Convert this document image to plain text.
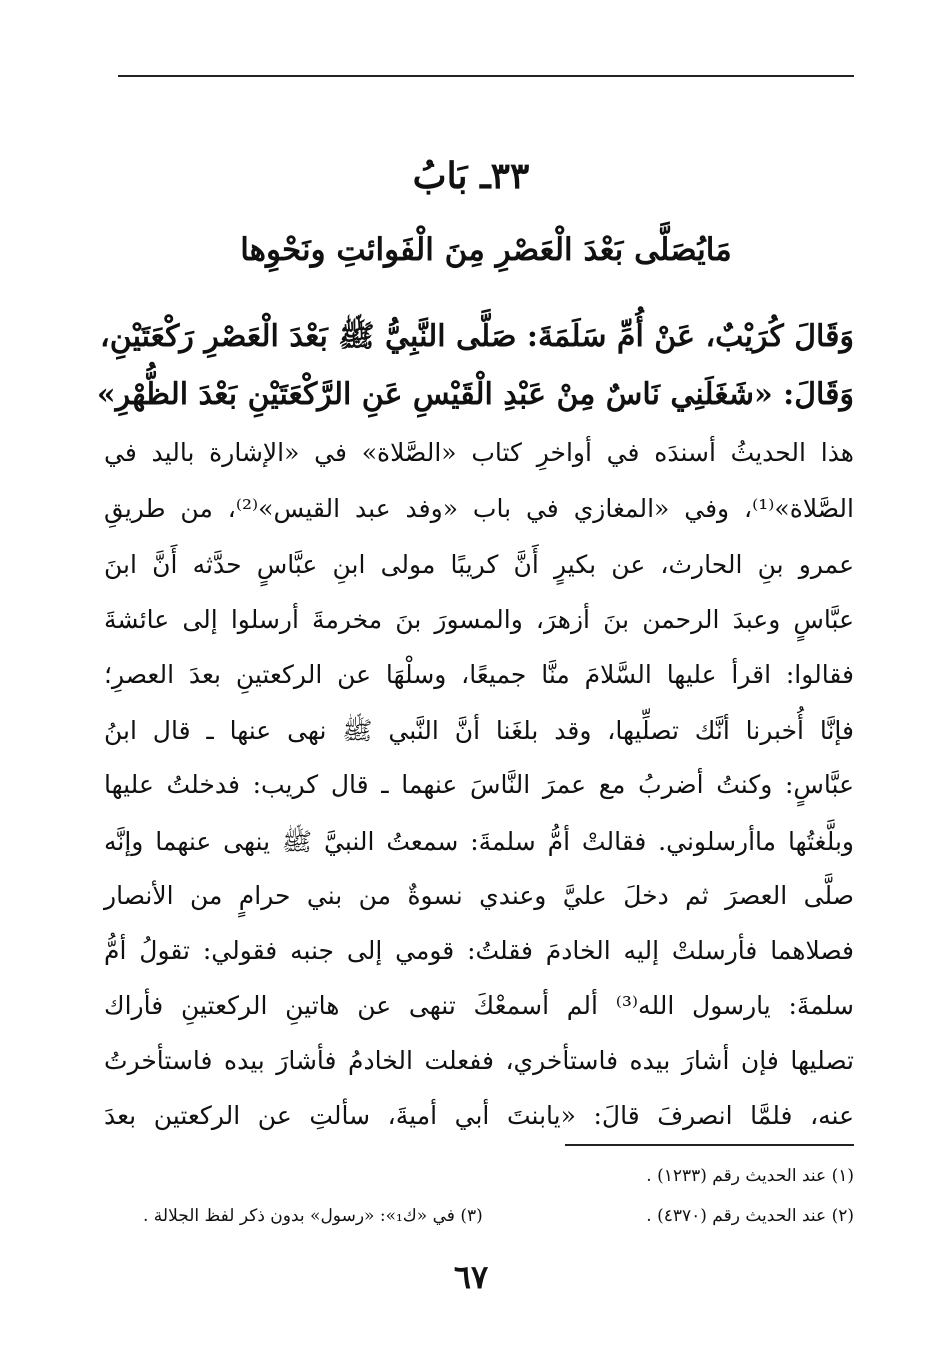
٣٣ـ بَابُ
مَايُصَلَّى بَعْدَ الْعَصْرِ مِنَ الْفَوائتِ ونَحْوِها
وَقَالَ كُرَيْبٌ، عَنْ أُمِّ سَلَمَةَ: صَلَّى النَّبِيُّ ﷺ بَعْدَ الْعَصْرِ رَكْعَتَيْنِ،
وَقَالَ: «شَغَلَنِي نَاسٌ مِنْ عَبْدِ الْقَيْسِ عَنِ الرَّكْعَتَيْنِ بَعْدَ الظُّهْرِ»
هذا الحديثُ أسندَه في أواخرِ كتاب «الصَّلاة» في «الإشارة باليد في
الصَّلاة»⁽¹⁾، وفي «المغازي في باب «وفد عبد القيس»⁽²⁾، من طريقِ
عمرو بنِ الحارث، عن بكيرٍ أَنَّ كريبًا مولى ابنِ عبَّاسٍ حدَّثه أَنَّ ابنَ
عبَّاسٍ وعبدَ الرحمن بنَ أزهرَ، والمسورَ بنَ مخرمةَ أرسلوا إلى عائشةَ
فقالوا: اقرأ عليها السَّلامَ منَّا جميعًا، وسلْهَا عن الركعتينِ بعدَ العصرِ؛
فإنَّا أُخبرنا أنَّك تصلِّيها، وقد بلغَنا أنَّ النَّبي ﷺ نهى عنها ـ قال ابنُ
عبَّاسٍ: وكنتُ أضربُ مع عمرَ النَّاسَ عنهما ـ قال كريب: فدخلتُ عليها
وبلَّغتُها ماأرسلوني. فقالتْ أمُّ سلمةَ: سمعتُ النبيَّ ﷺ ينهى عنهما وإنَّه
صلَّى العصرَ ثم دخلَ عليَّ وعندي نسوةٌ من بني حرامٍ من الأنصار
فصلاهما فأرسلتْ إليه الخادمَ فقلتُ: قومي إلى جنبه فقولي: تقولُ أمُّ
سلمةَ: يارسول الله⁽³⁾ ألم أسمعْكَ تنهى عن هاتينِ الركعتينِ فأراك
تصليها فإن أشارَ بيده فاستأخري، ففعلت الخادمُ فأشارَ بيده فاستأخرتُ
عنه، فلمَّا انصرفَ قالَ: «يابنتَ أبي أميةَ، سألتِ عن الركعتين بعدَ
(١) عند الحديث رقم (١٢٣٣) .
(٢) عند الحديث رقم (٤٣٧٠) .
(٣) في «ك₁»: «رسول» بدون ذكر لفظ الجلالة .
٦٧
